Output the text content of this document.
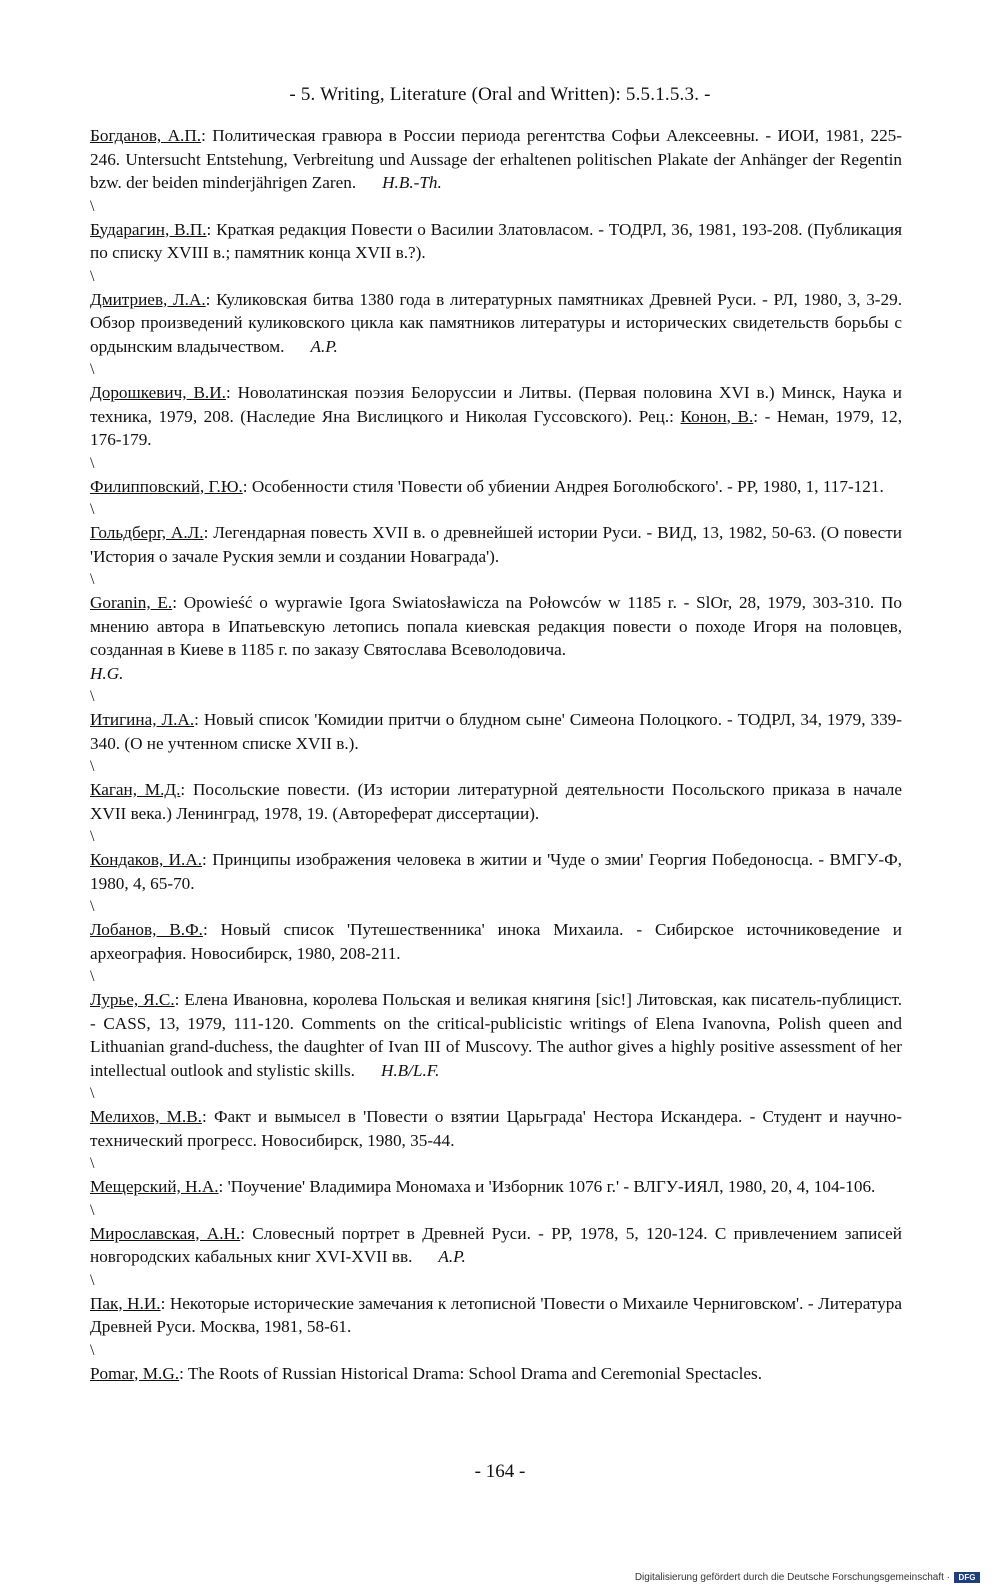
- 5. Writing, Literature (Oral and Written): 5.5.1.5.3. -

Богданов, А.П.: Политическая гравюра в России периода регентства Софьи Алексеевны. - ИОИ, 1981, 225-246. Untersucht Entstehung, Verbreitung und Aussage der erhaltenen politischen Plakate der Anhänger der Regentin bzw. der beiden minderjährigen Zaren. H.B.-Th.

\

Бударагин, В.П.: Краткая редакция Повести о Василии Златовласом. - ТОДРЛ, 36, 1981, 193-208. (Публикация по списку XVIII в.; памятник конца XVII в.?).

\

Дмитриев, Л.А.: Куликовская битва 1380 года в литературных памятниках Древней Руси. - РЛ, 1980, 3, 3-29. Обзор произведений куликовского цикла как памятников литературы и исторических свидетельств борьбы с ордынским владычеством. A.P.

\

Дорошкевич, В.И.: Новолатинская поэзия Белоруссии и Литвы. (Первая половина XVI в.) Минск, Наука и техника, 1979, 208. (Наследие Яна Вислицкого и Николая Гуссовского). Рец.: Конон, В.: - Неман, 1979, 12, 176-179.

\

Филипповский, Г.Ю.: Особенности стиля 'Повести об убиении Андрея Боголюбского'. - РР, 1980, 1, 117-121.

\

Гольдберг, А.Л.: Легендарная повесть XVII в. о древнейшей истории Руси. - ВИД, 13, 1982, 50-63. (О повести 'История о зачале Руския земли и создании Новаграда').

\

Goranin, E.: Opowieść o wyprawie Igora Swiatosławicza na Połowców w 1185 r. - SlOr, 28, 1979, 303-310. По мнению автора в Ипатьевскую летопись попала киевская редакция повести о походе Игоря на половцев, созданная в Киеве в 1185 г. по заказу Святослава Всеволодовича.
H.G.

\

Итигина, Л.А.: Новый список 'Комидии притчи о блудном сыне' Симеона Полоцкого. - ТОДРЛ, 34, 1979, 339-340. (О не учтенном списке XVII в.).

\

Каган, М.Д.: Посольские повести. (Из истории литературной деятельности Посольского приказа в начале XVII века.) Ленинград, 1978, 19. (Автореферат диссертации).

\

Кондаков, И.А.: Принципы изображения человека в житии и 'Чуде о змии' Георгия Победоносца. - ВМГУ-Ф, 1980, 4, 65-70.

\

Лобанов, В.Ф.: Новый список 'Путешественника' инока Михаила. - Сибирское источниковедение и археография. Новосибирск, 1980, 208-211.

\

Лурье, Я.С.: Елена Ивановна, королева Польская и великая княгиня [sic!] Литовская, как писатель-публицист. - CASS, 13, 1979, 111-120. Comments on the critical-publicistic writings of Elena Ivanovna, Polish queen and Lithuanian grand-duchess, the daughter of Ivan III of Muscovy. The author gives a highly positive assessment of her intellectual outlook and stylistic skills. H.B/L.F.

\

Мелихов, М.В.: Факт и вымысел в 'Повести о взятии Царьграда' Нестора Искандера. - Студент и научно-технический прогресс. Новосибирск, 1980, 35-44.

\

Мещерский, Н.А.: 'Поучение' Владимира Мономаха и 'Изборник 1076 г.' - ВЛГУ-ИЯЛ, 1980, 20, 4, 104-106.

\

Мирославская, А.Н.: Словесный портрет в Древней Руси. - РР, 1978, 5, 120-124. С привлечением записей новгородских кабальных книг XVI-XVII вв. A.P.

\

Пак, Н.И.: Некоторые исторические замечания к летописной 'Повести о Михаиле Черниговском'. - Литература Древней Руси. Москва, 1981, 58-61.

\

Pomar, M.G.: The Roots of Russian Historical Drama: School Drama and Ceremonial Spectacles.

- 164 -
Digitalisierung gefördert durch die Deutsche Forschungsgemeinschaft ·	DFG
